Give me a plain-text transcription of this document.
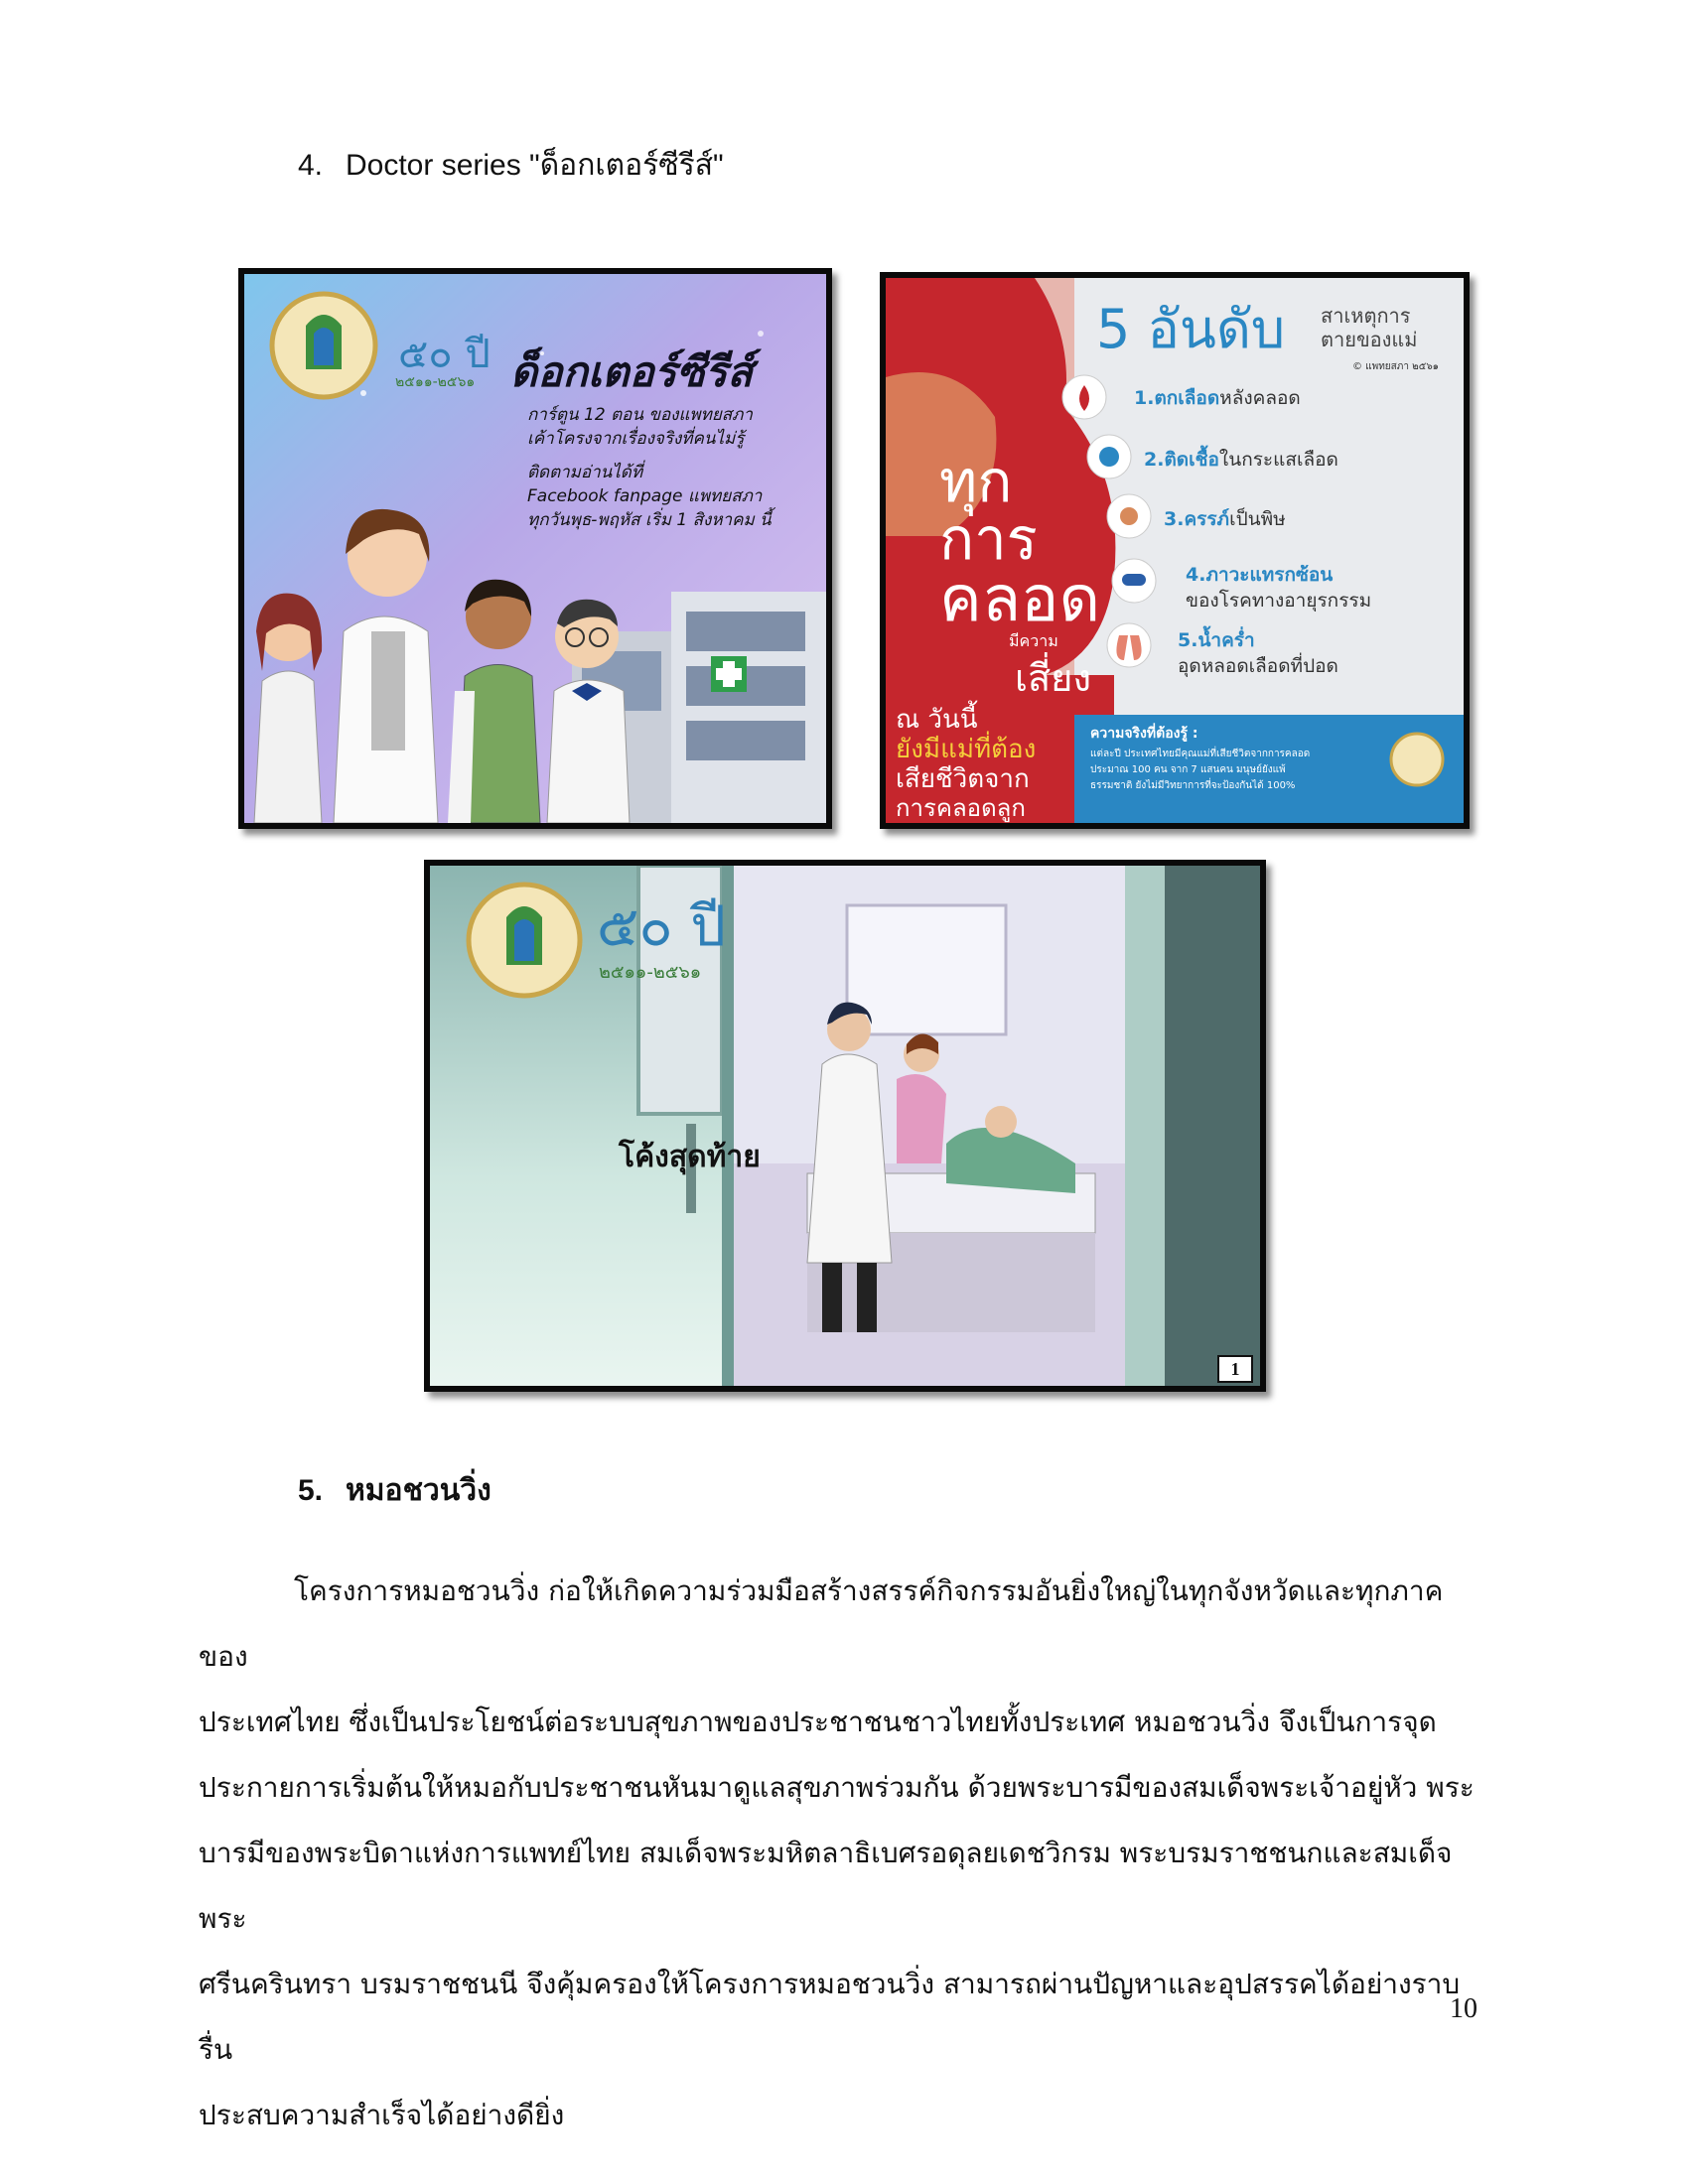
4. Doctor series "ด็อกเตอร์ซีรีส์"
๕๐ ปี
๒๕๑๑-๒๕๖๑ ด็อกเตอร์ซีรีส์
การ์ตูน 12 ตอน ของแพทยสภา
เค้าโครงจากเรื่องจริงที่คนไม่รู้
ติดตามอ่านได้ที่
Facebook fanpage แพทยสภา
ทุกวันพุธ-พฤหัส เริ่ม 1 สิงหาคม นี้
5 อันดับ สาเหตุการ
ตายของแม่
© แพทยสภา ๒๕๖๑
1.ตกเลือดหลังคลอด
2.ติดเชื้อในกระแสเลือด
3.ครรภ์เป็นพิษ
4.ภาวะแทรกซ้อน
ของโรคทางอายุรกรรม
5.น้ำคร่ำ
อุดหลอดเลือดที่ปอด
ทุก
การ
คลอด
มีความ
เสี่ยง
ณ วันนี้
ยังมีแม่ที่ต้อง
เสียชีวิตจาก
การคลอดลูก
ความจริงที่ต้องรู้ :
แต่ละปี ประเทศไทยมีคุณแม่ที่เสียชีวิตจากการคลอด
ประมาณ 100 คน จาก 7 แสนคน มนุษย์ยังแพ้
ธรรมชาติ ยังไม่มีวิทยาการที่จะป้องกันได้ 100%
๕๐ ปี
๒๕๑๑-๒๕๖๑
โค้งสุดท้าย
1
5. หมอชวนวิ่ง

โครงการหมอชวนวิ่ง ก่อให้เกิดความร่วมมือสร้างสรรค์กิจกรรมอันยิ่งใหญ่ในทุกจังหวัดและทุกภาคของ

ประเทศไทย ซึ่งเป็นประโยชน์ต่อระบบสุขภาพของประชาชนชาวไทยทั้งประเทศ หมอชวนวิ่ง จึงเป็นการจุด

ประกายการเริ่มต้นให้หมอกับประชาชนหันมาดูแลสุขภาพร่วมกัน ด้วยพระบารมีของสมเด็จพระเจ้าอยู่หัว พระ

บารมีของพระบิดาแห่งการแพทย์ไทย สมเด็จพระมหิตลาธิเบศรอดุลยเดชวิกรม พระบรมราชชนกและสมเด็จพระ

ศรีนครินทรา บรมราชชนนี จึงคุ้มครองให้โครงการหมอชวนวิ่ง สามารถผ่านปัญหาและอุปสรรคได้อย่างราบรื่น

ประสบความสำเร็จได้อย่างดียิ่ง

10
